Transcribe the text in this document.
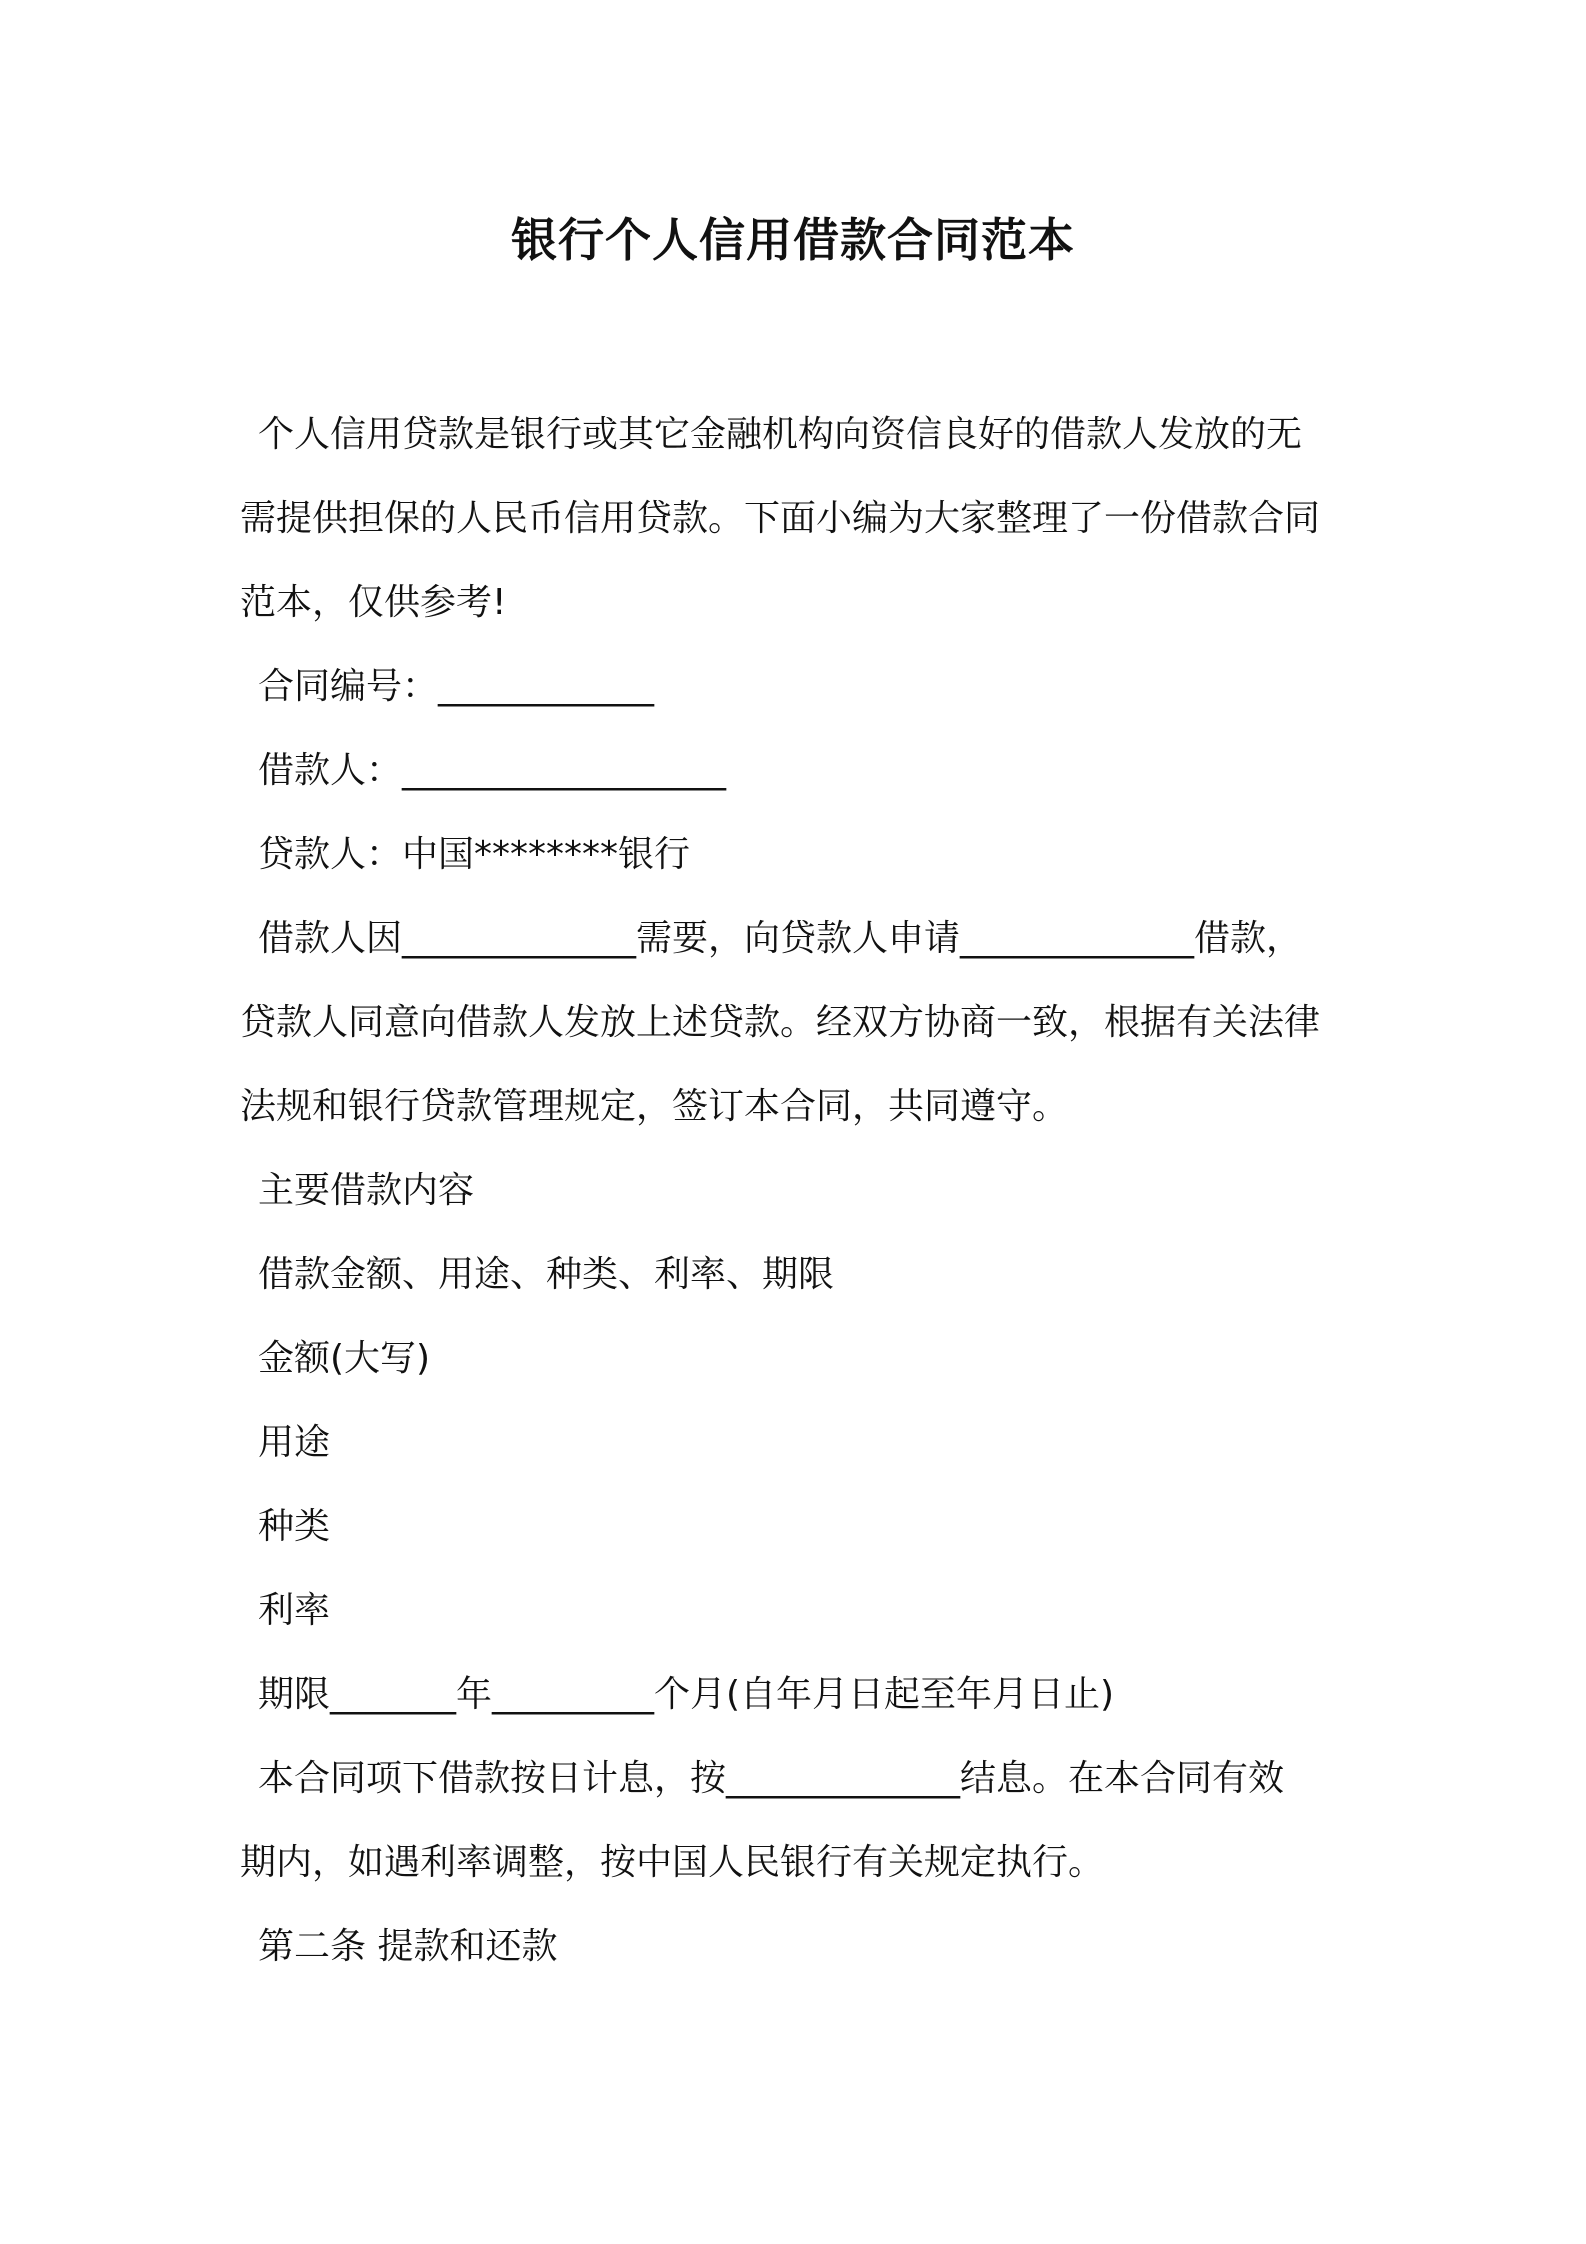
银行个人信用借款合同范本
个人信用贷款是银行或其它金融机构向资信良好的借款人发放的无
需提供担保的人民币信用贷款。下面小编为大家整理了一份借款合同
范本，仅供参考!
合同编号：____________
借款人：__________________
贷款人：中国********银行
借款人因_____________需要，向贷款人申请_____________借款，
贷款人同意向借款人发放上述贷款。经双方协商一致，根据有关法律
法规和银行贷款管理规定，签订本合同，共同遵守。
主要借款内容
借款金额、用途、种类、利率、期限
金额(大写)
用途
种类
利率
期限_______年_________个月(自年月日起至年月日止)
本合同项下借款按日计息，按_____________结息。在本合同有效
期内，如遇利率调整，按中国人民银行有关规定执行。
第二条 提款和还款
